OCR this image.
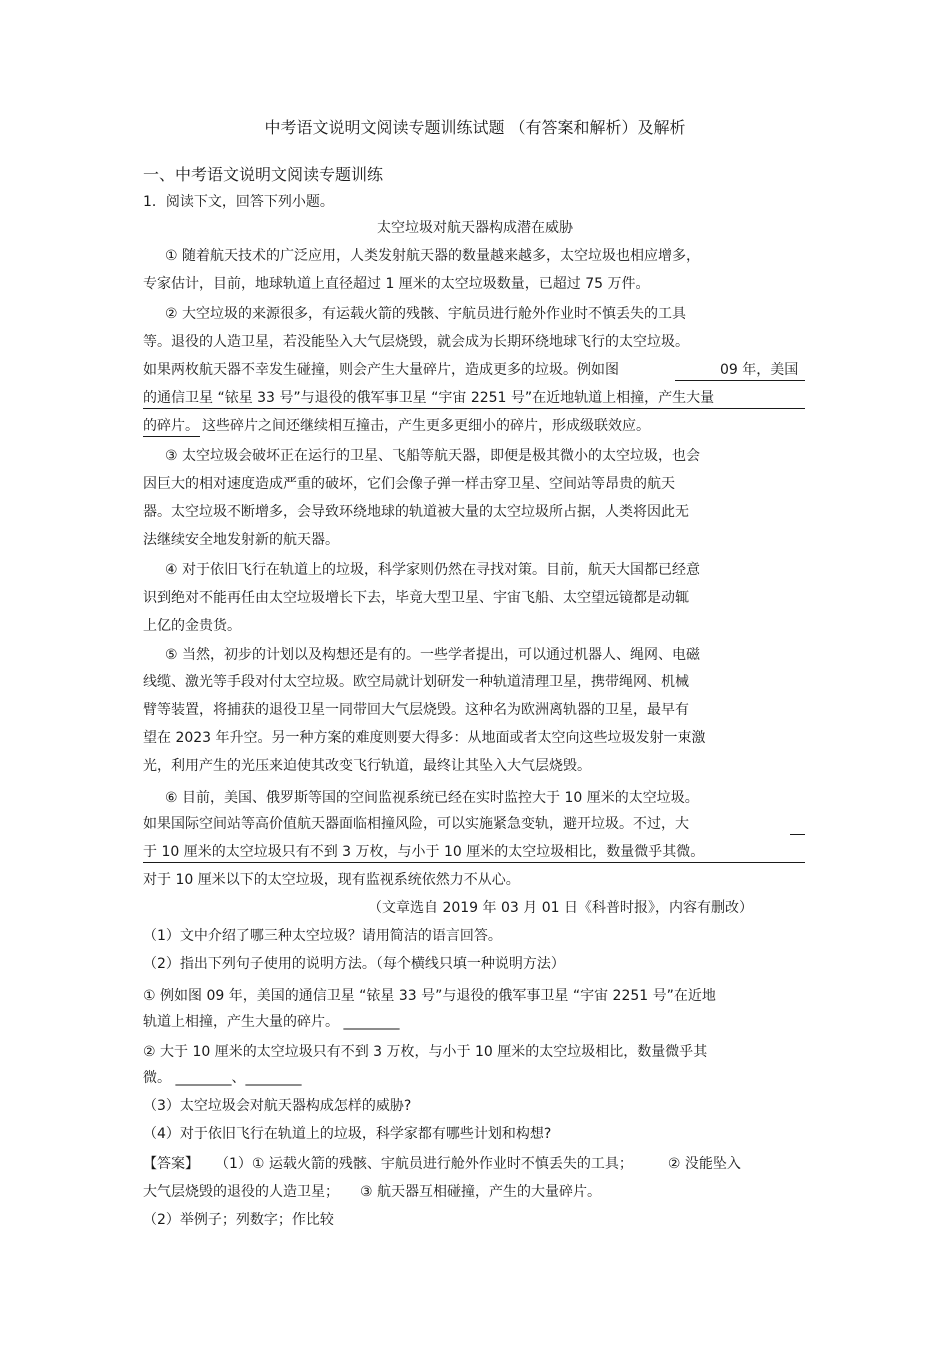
中考语文说明文阅读专题训练试题 （有答案和解析）及解析
一、中考语文说明文阅读专题训练
1．阅读下文，回答下列小题。
太空垃圾对航天器构成潜在威胁
① 随着航天技术的广泛应用，人类发射航天器的数量越来越多，太空垃圾也相应增多，
专家估计，目前，地球轨道上直径超过 1 厘米的太空垃圾数量，已超过 75 万件。
② 大空垃圾的来源很多，有运载火箭的残骸、宇航员进行舱外作业时不慎丢失的工具
等。退役的人造卫星，若没能坠入大气层烧毁，就会成为长期环绕地球飞行的太空垃圾。
如果两枚航天器不幸发生碰撞，则会产生大量碎片，造成更多的垃圾。例如图	09 年，美国
的通信卫星 “铱星 33 号”与退役的俄军事卫星 “宇宙 2251 号”在近地轨道上相撞，产生大量
的碎片。 这些碎片之间还继续相互撞击，产生更多更细小的碎片，形成级联效应。
③ 太空垃圾会破坏正在运行的卫星、飞船等航天器，即便是极其微小的太空垃圾，也会
因巨大的相对速度造成严重的破坏，它们会像子弹一样击穿卫星、空间站等昂贵的航天
器。太空垃圾不断增多，会导致环绕地球的轨道被大量的太空垃圾所占据，人类将因此无
法继续安全地发射新的航天器。
④ 对于依旧飞行在轨道上的垃圾，科学家则仍然在寻找对策。目前，航天大国都已经意
识到绝对不能再任由太空垃圾增长下去，毕竟大型卫星、宇宙飞船、太空望远镜都是动辄
上亿的金贵货。
⑤ 当然，初步的计划以及构想还是有的。一些学者提出，可以通过机器人、绳网、电磁
线缆、激光等手段对付太空垃圾。欧空局就计划研发一种轨道清理卫星，携带绳网、机械
臂等装置，将捕获的退役卫星一同带回大气层烧毁。这种名为欧洲离轨器的卫星，最早有
望在 2023 年升空。另一种方案的难度则要大得多：从地面或者太空向这些垃圾发射一束激
光，利用产生的光压来迫使其改变飞行轨道，最终让其坠入大气层烧毁。
⑥ 目前，美国、俄罗斯等国的空间监视系统已经在实时监控大于 10 厘米的太空垃圾。
如果国际空间站等高价值航天器面临相撞风险，可以实施紧急变轨，避开垃圾。不过，大
于 10 厘米的太空垃圾只有不到 3 万枚，与小于 10 厘米的太空垃圾相比，数量微乎其微。
对于 10 厘米以下的太空垃圾，现有监视系统依然力不从心。
（文章选自 2019 年 03 月 01 日《科普时报》，内容有删改）
（1）文中介绍了哪三种太空垃圾？请用简洁的语言回答。
（2）指出下列句子使用的说明方法。（每个横线只填一种说明方法）
① 例如图 09 年，美国的通信卫星 “铱星 33 号”与退役的俄军事卫星 “宇宙 2251 号”在近地
轨道上相撞，产生大量的碎片。 ________
② 大于 10 厘米的太空垃圾只有不到 3 万枚，与小于 10 厘米的太空垃圾相比，数量微乎其
微。 ________、________
（3）太空垃圾会对航天器构成怎样的威胁?
（4）对于依旧飞行在轨道上的垃圾，科学家都有哪些计划和构想?
【答案】 （1）① 运载火箭的残骸、宇航员进行舱外作业时不慎丢失的工具；　　　② 没能坠入
大气层烧毁的退役的人造卫星；　　③ 航天器互相碰撞，产生的大量碎片。
（2）举例子；列数字；作比较
